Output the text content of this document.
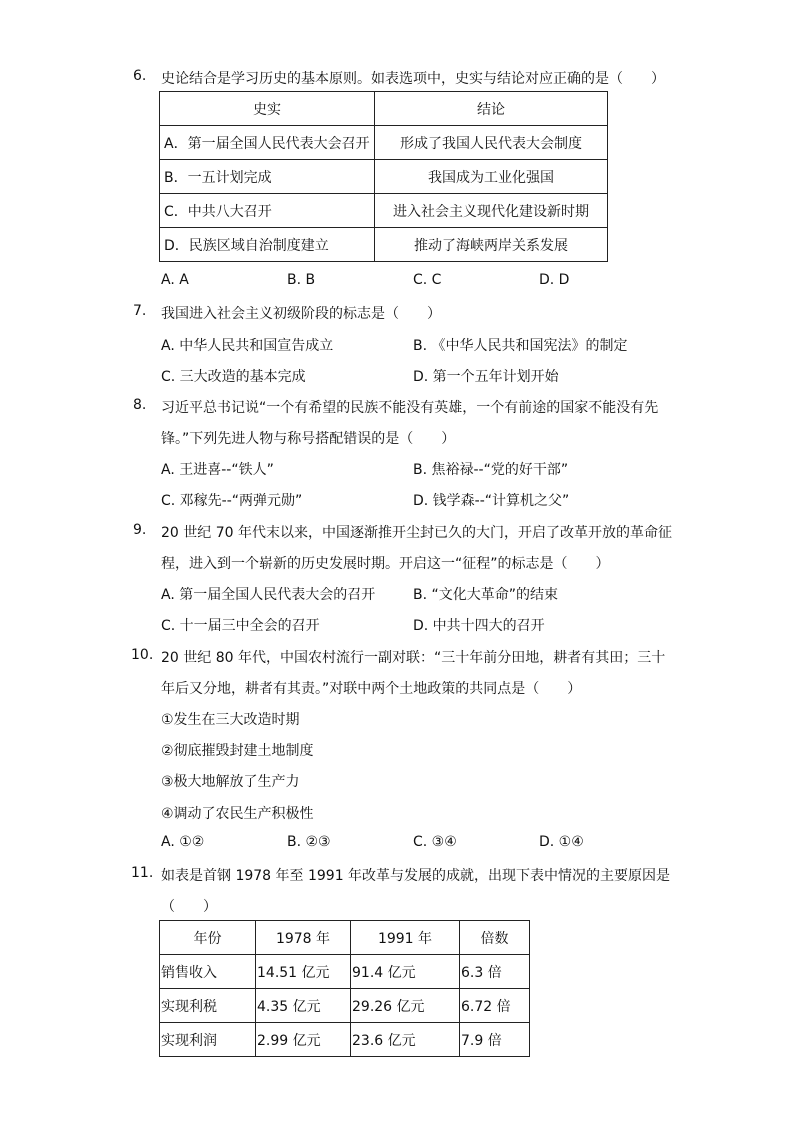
6. 史论结合是学习历史的基本原则。如表选项中，史实与结论对应正确的是（　　）
史实	结论
A．第一届全国人民代表大会召开	形成了我国人民代表大会制度
B．一五计划完成	我国成为工业化强国
C．中共八大召开	进入社会主义现代化建设新时期
D．民族区域自治制度建立	推动了海峡两岸关系发展
A. A	B. B	C. C	D. D
7. 我国进入社会主义初级阶段的标志是（　　）
A. 中华人民共和国宣告成立	B. 《中华人民共和国宪法》的制定
C. 三大改造的基本完成	D. 第一个五年计划开始
8. 习近平总书记说“一个有希望的民族不能没有英雄，一个有前途的国家不能没有先
锋。”下列先进人物与称号搭配错误的是（　　）
A. 王进喜--“铁人”	B. 焦裕禄--“党的好干部”
C. 邓稼先--“两弹元勋”	D. 钱学森--“计算机之父”
9. 20 世纪 70 年代末以来，中国逐渐推开尘封已久的大门，开启了改革开放的革命征
程，进入到一个崭新的历史发展时期。开启这一“征程”的标志是（　　）
A. 第一届全国人民代表大会的召开	B. “文化大革命”的结束
C. 十一届三中全会的召开	D. 中共十四大的召开
10. 20 世纪 80 年代，中国农村流行一副对联：“三十年前分田地，耕者有其田；三十
年后又分地，耕者有其责。”对联中两个土地政策的共同点是（　　）
①发生在三大改造时期
②彻底摧毁封建土地制度
③极大地解放了生产力
④调动了农民生产积极性
A. ①②	B. ②③	C. ③④	D. ①④
11. 如表是首钢 1978 年至 1991 年改革与发展的成就，出现下表中情况的主要原因是
（　　）
年份	1978 年	1991 年	倍数
销售收入	14.51 亿元	91.4 亿元	6.3 倍
实现利税	4.35 亿元	29.26 亿元	6.72 倍
实现利润	2.99 亿元	23.6 亿元	7.9 倍
